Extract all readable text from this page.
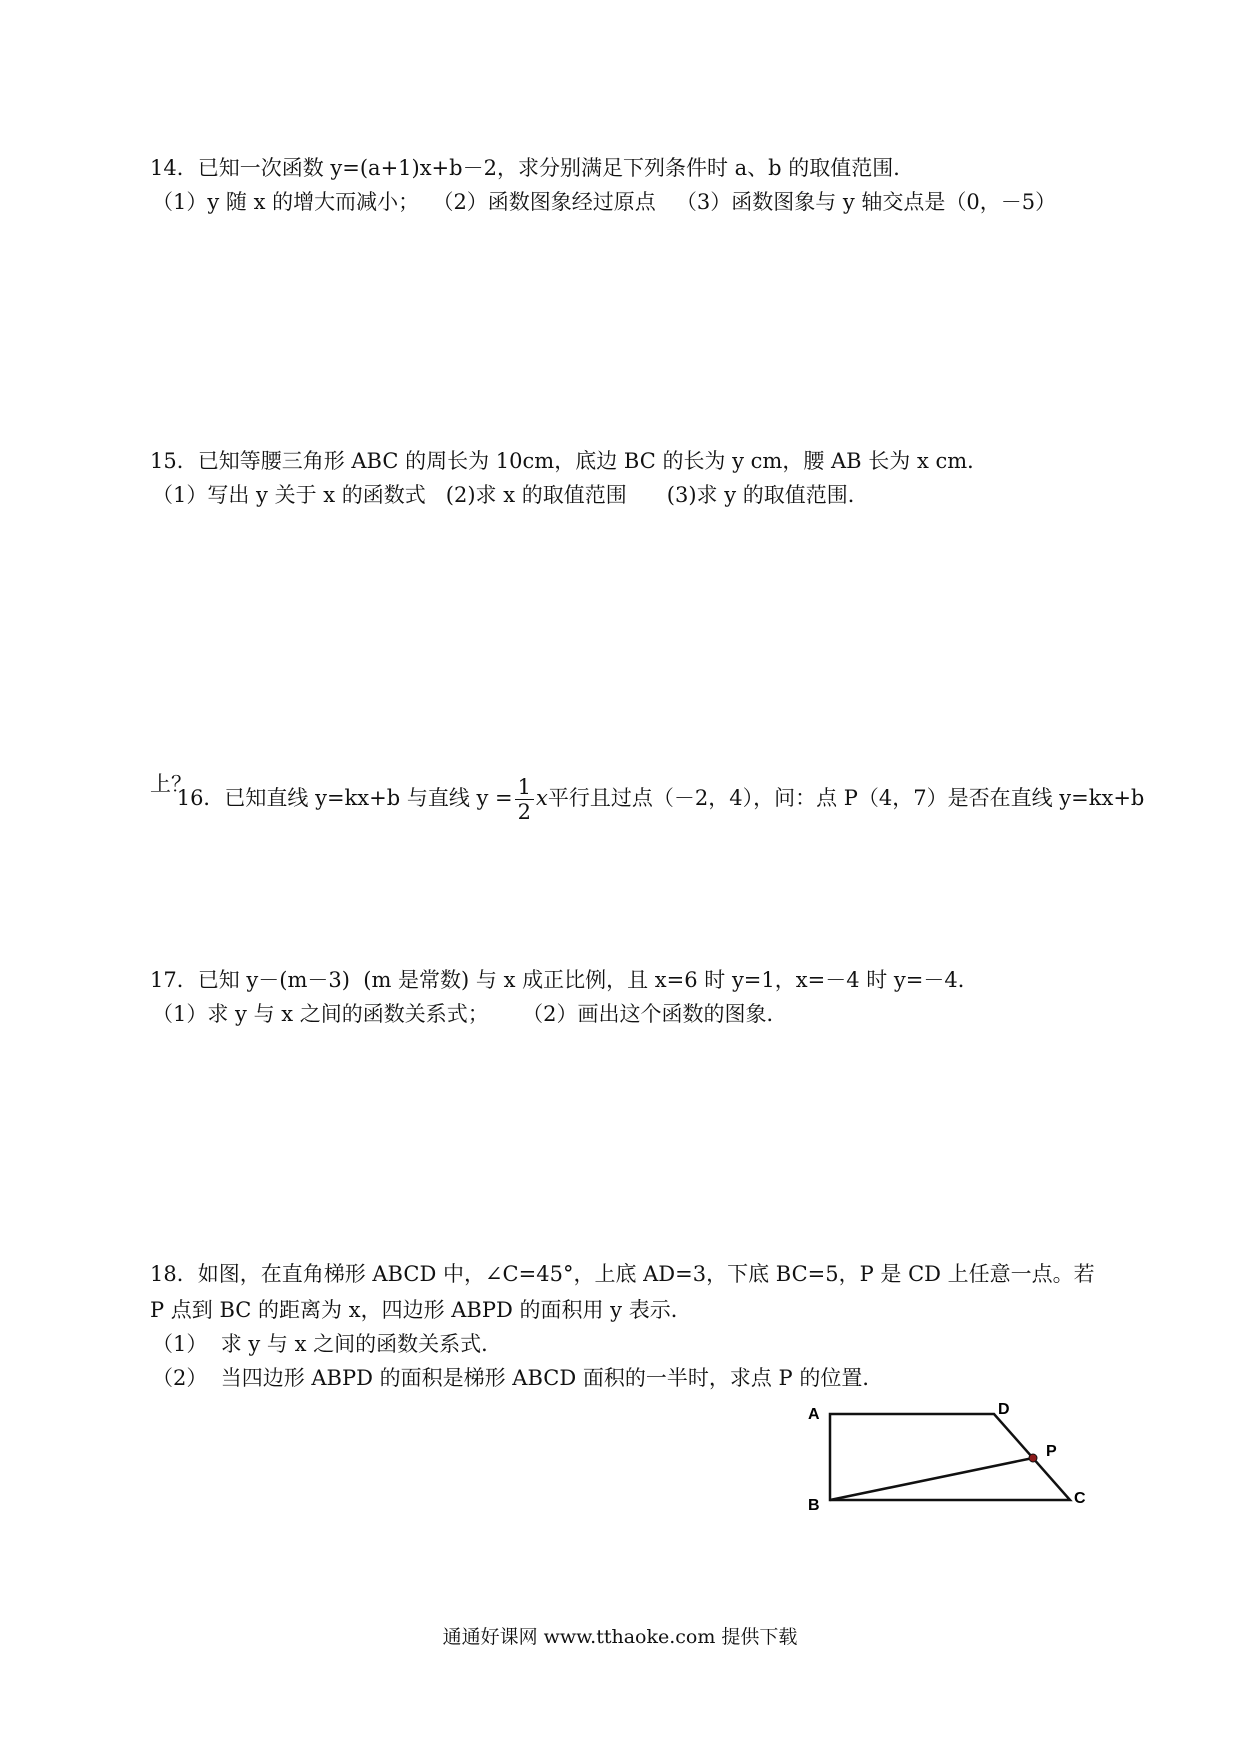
14．已知一次函数 y=(a+1)x+b－2，求分别满足下列条件时 a、b 的取值范围．
（1）y 随 x 的增大而减小；  （2）函数图象经过原点   （3）函数图象与 y 轴交点是（0，－5）
15．已知等腰三角形 ABC 的周长为 10cm，底边 BC 的长为 y cm，腰 AB 长为 x cm．
（1）写出 y 关于 x 的函数式   (2)求 x 的取值范围      (3)求 y 的取值范围．

16．已知直线 y=kx+b 与直线 $y = \frac{1}{2}$ x平行且过点（－2，4），问：点 P（4，7）是否在直线 y=kx+b

上？
17．已知 y－(m－3)  (m 是常数) 与 x 成正比例，且 x=6 时 y=1，x=－4 时 y=－4．
（1）求 y 与 x 之间的函数关系式；     （2）画出这个函数的图象．
18．如图，在直角梯形 ABCD 中，∠C=45°，上底 AD=3，下底 BC=5，P 是 CD 上任意一点。若
P 点到 BC 的距离为 x，四边形 ABPD 的面积用 y 表示．
（1）  求 y 与 x 之间的函数关系式．
（2）  当四边形 ABPD 的面积是梯形 ABCD 面积的一半时，求点 P 的位置．
A	D
P
B	C
通通好课网 www.tthaoke.com 提供下载
